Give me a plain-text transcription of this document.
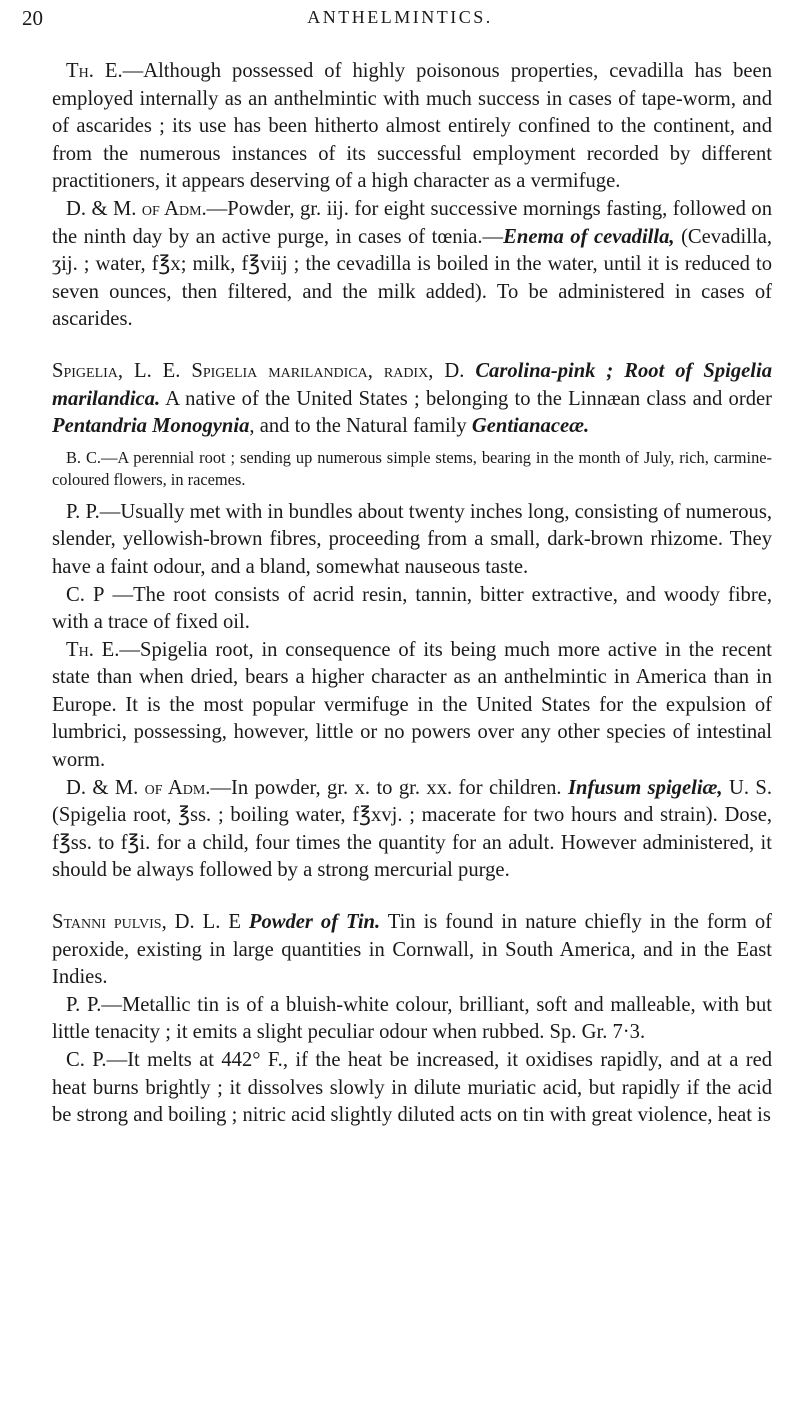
20	ANTHELMINTICS.

Th. E.—Although possessed of highly poisonous properties, cevadilla has been employed internally as an anthelmintic with much success in cases of tape-worm, and of ascarides ; its use has been hitherto almost entirely confined to the continent, and from the numerous instances of its successful employment recorded by different practitioners, it appears deserving of a high character as a vermifuge.

D. & M. of Adm.—Powder, gr. iij. for eight successive mornings fasting, followed on the ninth day by an active purge, in cases of tœnia.—Enema of cevadilla, (Cevadilla, ʒij. ; water, f℥x; milk, f℥viij ; the cevadilla is boiled in the water, until it is reduced to seven ounces, then filtered, and the milk added). To be administered in cases of ascarides.

Spigelia, L. E. Spigelia marilandica, radix, D. Carolina-pink ; Root of Spigelia marilandica. A native of the United States ; belonging to the Linnæan class and order Pentandria Monogynia, and to the Natural family Gentianaceæ.

B. C.—A perennial root ; sending up numerous simple stems, bearing in the month of July, rich, carmine-coloured flowers, in racemes.

P. P.—Usually met with in bundles about twenty inches long, consisting of numerous, slender, yellowish-brown fibres, proceeding from a small, dark-brown rhizome. They have a faint odour, and a bland, somewhat nauseous taste.

C. P —The root consists of acrid resin, tannin, bitter extractive, and woody fibre, with a trace of fixed oil.

Th. E.—Spigelia root, in consequence of its being much more active in the recent state than when dried, bears a higher character as an anthelmintic in America than in Europe. It is the most popular vermifuge in the United States for the expulsion of lumbrici, possessing, however, little or no powers over any other species of intestinal worm.

D. & M. of Adm.—In powder, gr. x. to gr. xx. for children. Infusum spigeliæ, U. S. (Spigelia root, ℥ss. ; boiling water, f℥xvj. ; macerate for two hours and strain). Dose, f℥ss. to f℥i. for a child, four times the quantity for an adult. However administered, it should be always followed by a strong mercurial purge.

Stanni pulvis, D. L. E Powder of Tin. Tin is found in nature chiefly in the form of peroxide, existing in large quantities in Cornwall, in South America, and in the East Indies.

P. P.—Metallic tin is of a bluish-white colour, brilliant, soft and malleable, with but little tenacity ; it emits a slight peculiar odour when rubbed. Sp. Gr. 7·3.

C. P.—It melts at 442° F., if the heat be increased, it oxidises rapidly, and at a red heat burns brightly ; it dissolves slowly in dilute muriatic acid, but rapidly if the acid be strong and boiling ; nitric acid slightly diluted acts on tin with great violence, heat is
